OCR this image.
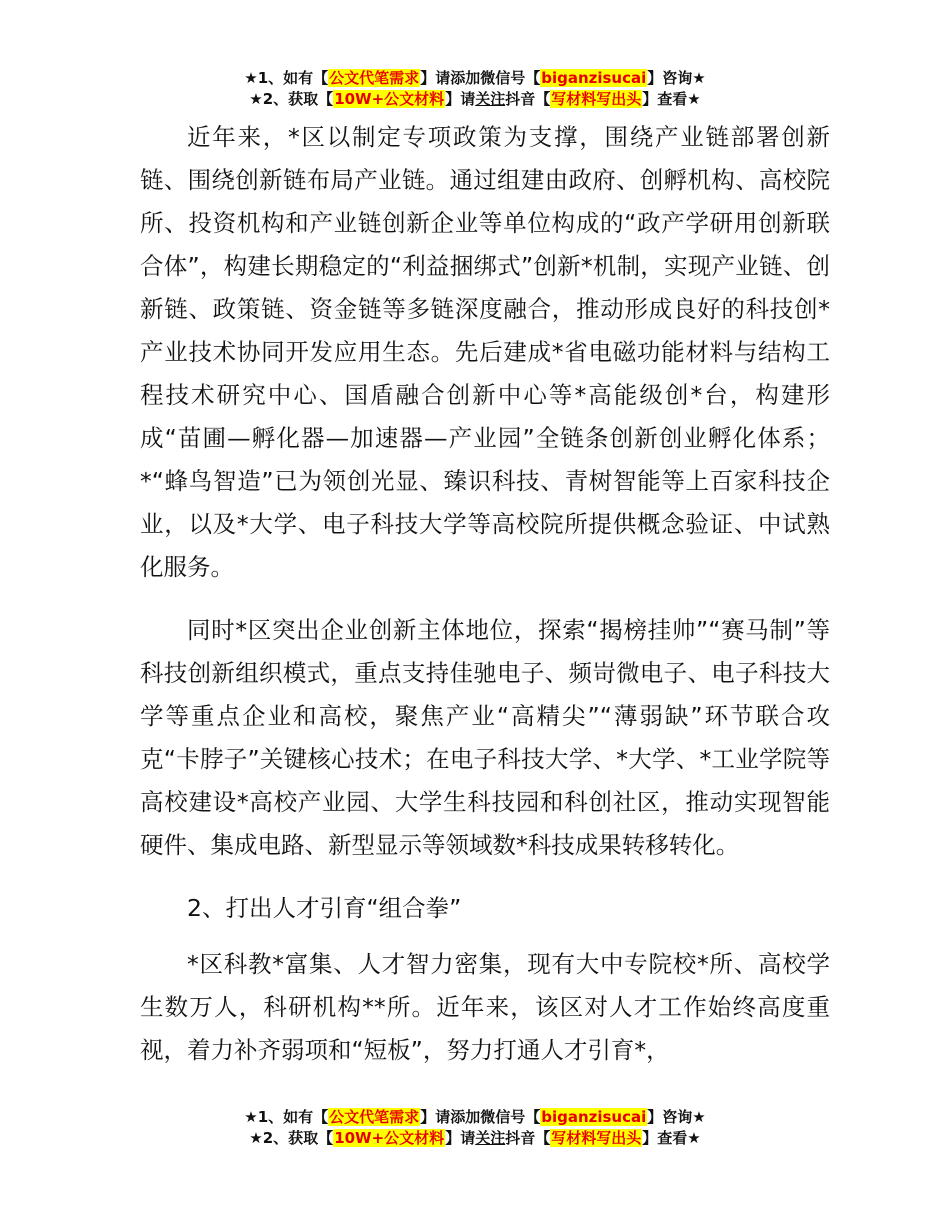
★1、如有【公文代笔需求】请添加微信号【biganzisucai】咨询★
★2、获取【10W+公文材料】请关注抖音【写材料写出头】查看★

近年来，*区以制定专项政策为支撑，围绕产业链部署创新链、围绕创新链布局产业链。通过组建由政府、创孵机构、高校院所、投资机构和产业链创新企业等单位构成的“政产学研用创新联合体”，构建长期稳定的“利益捆绑式”创新*机制，实现产业链、创新链、政策链、资金链等多链深度融合，推动形成良好的科技创*产业技术协同开发应用生态。先后建成*省电磁功能材料与结构工程技术研究中心、国盾融合创新中心等*高能级创*台，构建形成“苗圃—孵化器—加速器—产业园”全链条创新创业孵化体系；*“蜂鸟智造”已为领创光显、臻识科技、青树智能等上百家科技企业，以及*大学、电子科技大学等高校院所提供概念验证、中试熟化服务。

同时*区突出企业创新主体地位，探索“揭榜挂帅”“赛马制”等科技创新组织模式，重点支持佳驰电子、频岢微电子、电子科技大学等重点企业和高校，聚焦产业“高精尖”“薄弱缺”环节联合攻克“卡脖子”关键核心技术；在电子科技大学、*大学、*工业学院等高校建设*高校产业园、大学生科技园和科创社区，推动实现智能硬件、集成电路、新型显示等领域数*科技成果转移转化。

2、打出人才引育“组合拳”

*区科教*富集、人才智力密集，现有大中专院校*所、高校学生数万人，科研机构**所。近年来，该区对人才工作始终高度重视，着力补齐弱项和“短板”，努力打通人才引育*，

★1、如有【公文代笔需求】请添加微信号【biganzisucai】咨询★
★2、获取【10W+公文材料】请关注抖音【写材料写出头】查看★
